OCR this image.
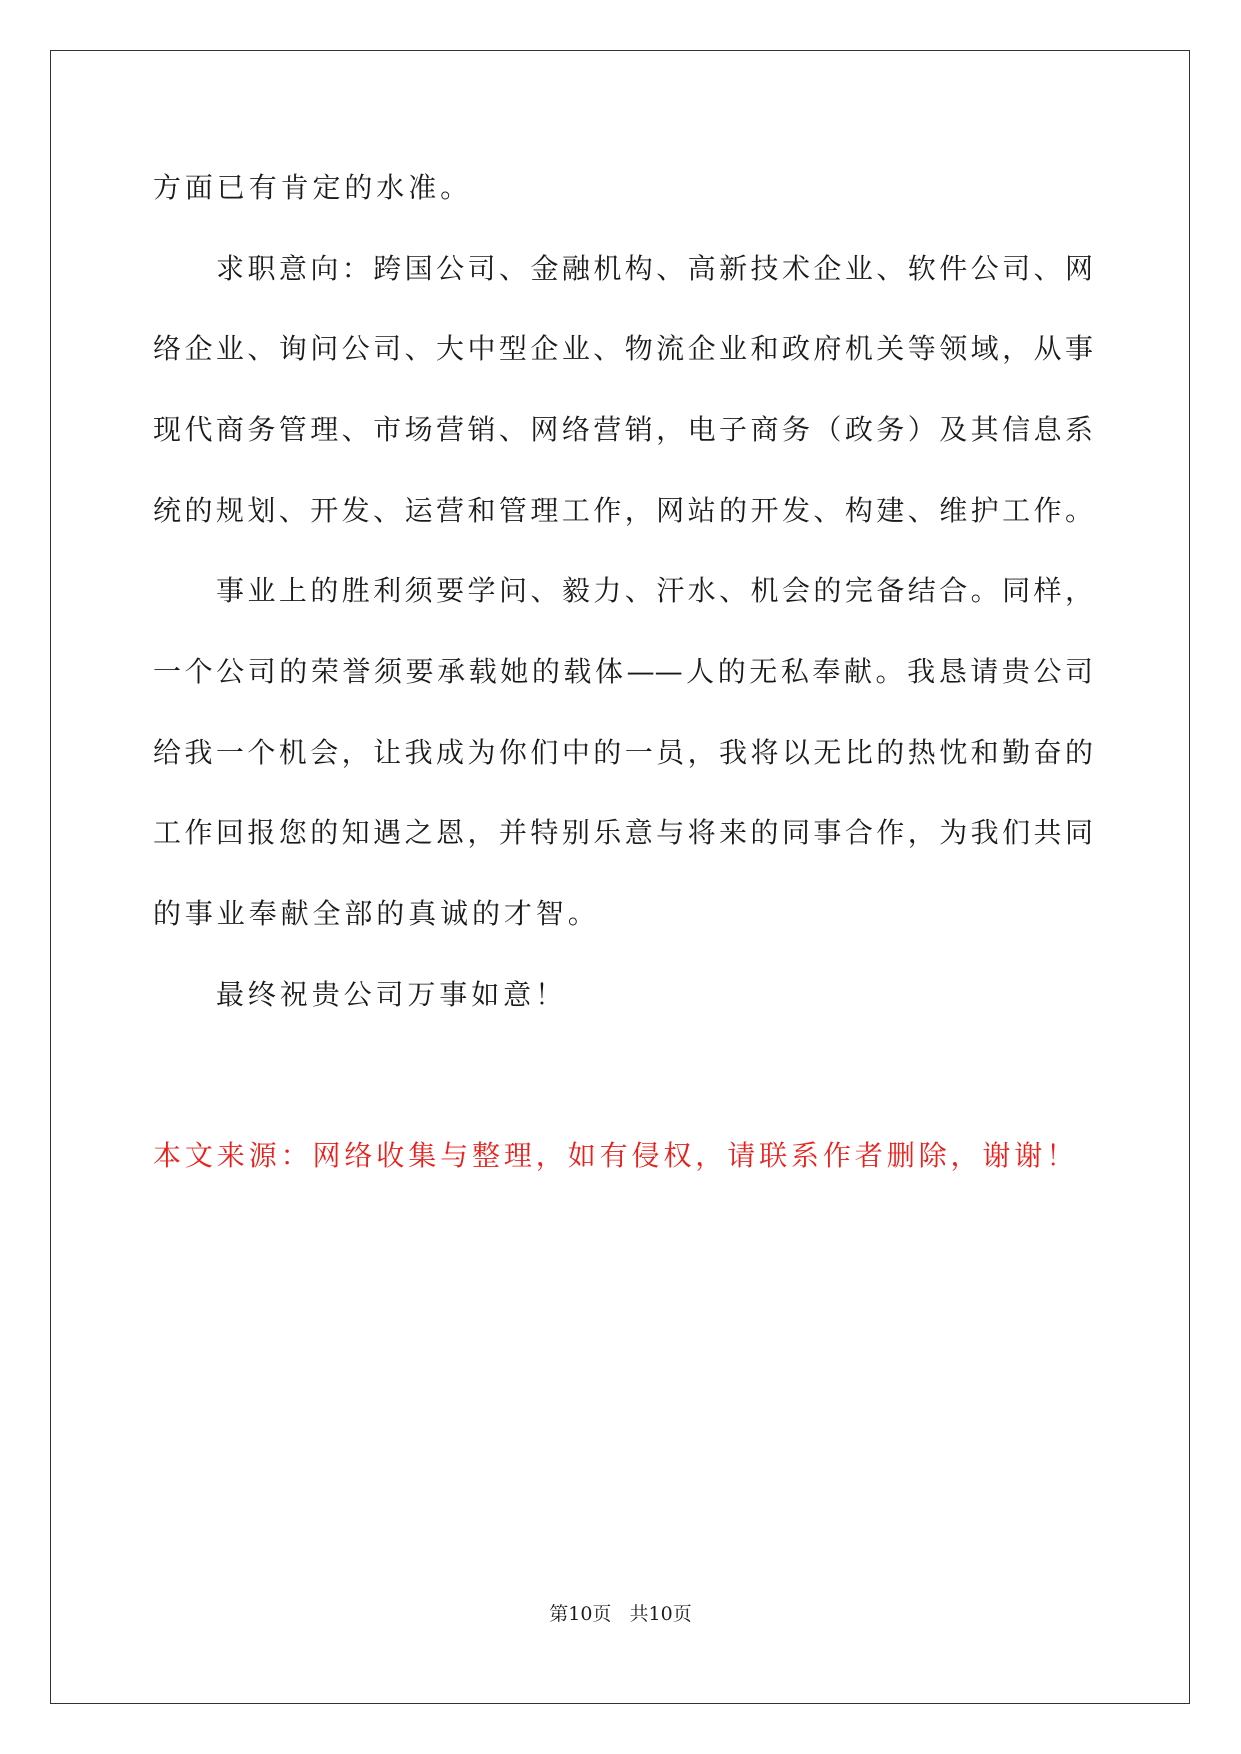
方面已有肯定的水准。
求职意向：跨国公司、金融机构、高新技术企业、软件公司、网
络企业、询问公司、大中型企业、物流企业和政府机关等领域，从事
现代商务管理、市场营销、网络营销，电子商务（政务）及其信息系
统的规划、开发、运营和管理工作，网站的开发、构建、维护工作。
事业上的胜利须要学问、毅力、汗水、机会的完备结合。同样，
一个公司的荣誉须要承载她的载体——人的无私奉献。我恳请贵公司
给我一个机会，让我成为你们中的一员，我将以无比的热忱和勤奋的
工作回报您的知遇之恩，并特别乐意与将来的同事合作，为我们共同
的事业奉献全部的真诚的才智。
最终祝贵公司万事如意！
本文来源：网络收集与整理，如有侵权，请联系作者删除，谢谢！
第10页   共10页
